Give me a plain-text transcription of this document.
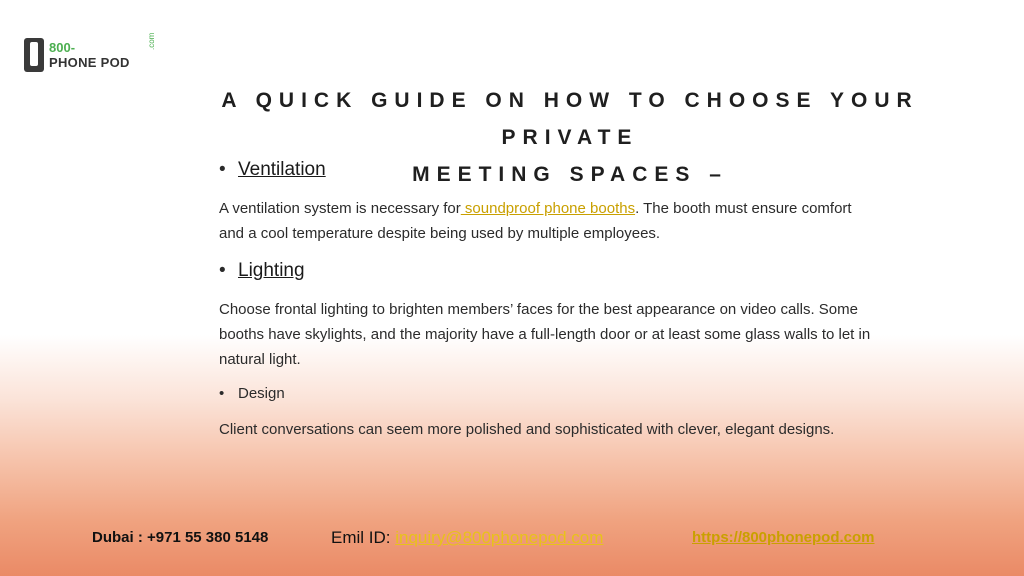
800-
PHONE POD
.com
A QUICK GUIDE ON HOW TO CHOOSE YOUR PRIVATE
MEETING SPACES –
• Ventilation
A ventilation system is necessary for soundproof phone booths. The booth must ensure comfort and a cool temperature despite being used by multiple employees.
• Lighting
Choose frontal lighting to brighten members’ faces for the best appearance on video calls. Some booths have skylights, and the majority have a full-length door or at least some glass walls to let in natural light.
• Design
Client conversations can seem more polished and sophisticated with clever, elegant designs.
Dubai : +971 55 380 5148	Emil ID: inquiry@800phonepod.com	https://800phonepod.com
